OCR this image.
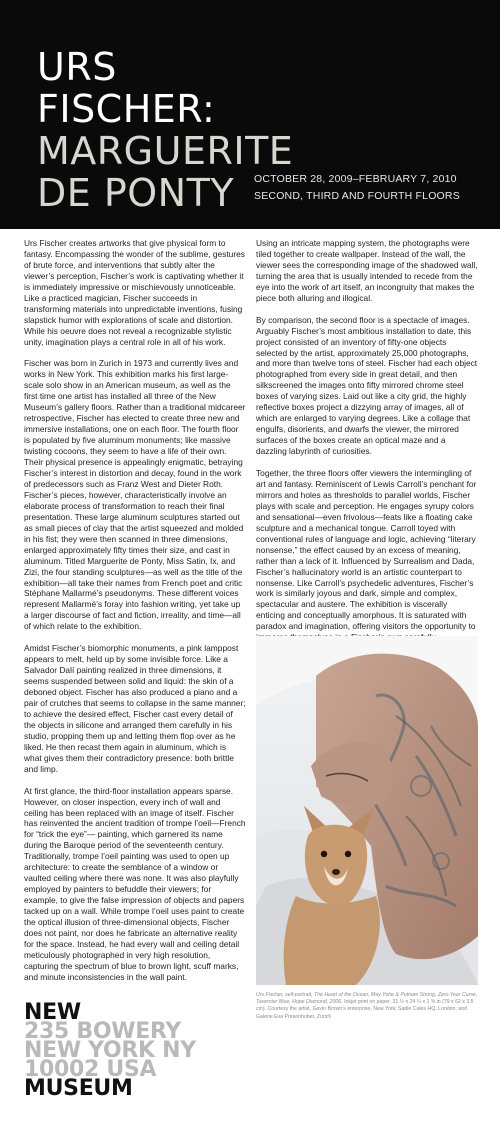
URS
FISCHER:
MARGUERITE
DE PONTY OCTOBER 28, 2009–FEBRUARY 7, 2010
SECOND, THIRD AND FOURTH FLOORS

Urs Fischer creates artworks that give physical form to fantasy. Encompassing the wonder of the sublime, gestures of brute force, and interventions that subtly alter the viewer’s perception, Fischer’s work is captivating whether it is immediately impressive or mischievously unnoticeable. Like a practiced magician, Fischer succeeds in transforming materials into unpredictable inventions, fusing slapstick humor with explorations of scale and distortion. While his oeuvre does not reveal a recognizable stylistic unity, imagination plays a central role in all of his work.

Fischer was born in Zurich in 1973 and currently lives and works in New York. This exhibition marks his first large-scale solo show in an American museum, as well as the first time one artist has installed all three of the New Museum’s gallery floors. Rather than a traditional midcareer retrospective, Fischer has elected to create three new and immersive installations, one on each floor. The fourth floor is populated by five aluminum monuments; like massive twisting cocoons, they seem to have a life of their own. Their physical presence is appealingly enigmatic, betraying Fischer’s interest in distortion and decay, found in the work of predecessors such as Franz West and Dieter Roth. Fischer’s pieces, however, characteristically involve an elaborate process of transformation to reach their final presentation. These large aluminum sculptures started out as small pieces of clay that the artist squeezed and molded in his fist; they were then scanned in three dimensions, enlarged approximately fifty times their size, and cast in aluminum. Titled Marguerite de Ponty, Miss Satin, Ix, and Zizi, the four standing sculptures—as well as the title of the exhibition—all take their names from French poet and critic Stéphane Mallarmé’s pseudonyms. These different voices represent Mallarmé’s foray into fashion writing, yet take up a larger discourse of fact and fiction, irreality, and time—all of which relate to the exhibition.

Amidst Fischer’s biomorphic monuments, a pink lamppost appears to melt, held up by some invisible force. Like a Salvador Dalí painting realized in three dimensions, it seems suspended between solid and liquid: the skin of a deboned object. Fischer has also produced a piano and a pair of crutches that seems to collapse in the same manner; to achieve the desired effect, Fischer cast every detail of the objects in silicone and arranged them carefully in his studio, propping them up and letting them flop over as he liked. He then recast them again in aluminum, which is what gives them their contradictory presence: both brittle and limp.

At first glance, the third-floor installation appears sparse. However, on closer inspection, every inch of wall and ceiling has been replaced with an image of itself. Fischer has reinvented the ancient tradition of trompe l’oeil—French for “trick the eye”— painting, which garnered its name during the Baroque period of the seventeenth century. Traditionally, trompe l’oeil painting was used to open up architecture: to create the semblance of a window or vaulted ceiling where there was none. It was also playfully employed by painters to befuddle their viewers; for example, to give the false impression of objects and papers tacked up on a wall. While trompe l’oeil uses paint to create the optical illusion of three-dimensional objects, Fischer does not paint, nor does he fabricate an alternative reality for the space. Instead, he had every wall and ceiling detail meticulously photographed in very high resolution, capturing the spectrum of blue to brown light, scuff marks, and minute inconsistencies in the wall paint.

Using an intricate mapping system, the photographs were tiled together to create wallpaper. Instead of the wall, the viewer sees the corresponding image of the shadowed wall, turning the area that is usually intended to recede from the eye into the work of art itself, an incongruity that makes the piece both alluring and illogical.

By comparison, the second floor is a spectacle of images. Arguably Fischer’s most ambitious installation to date, this project consisted of an inventory of fifty-one objects selected by the artist, approximately 25,000 photographs, and more than twelve tons of steel. Fischer had each object photographed from every side in great detail, and then silkscreened the images onto fifty mirrored chrome steel boxes of varying sizes. Laid out like a city grid, the highly reflective boxes project a dizzying array of images, all of which are enlarged to varying degrees. Like a collage that engulfs, disorients, and dwarfs the viewer, the mirrored surfaces of the boxes create an optical maze and a dazzling labyrinth of curiosities.

Together, the three floors offer viewers the intermingling of art and fantasy. Reminiscent of Lewis Carroll’s penchant for mirrors and holes as thresholds to parallel worlds, Fischer plays with scale and perception. He engages syrupy colors and sensational—even frivolous—feats like a floating cake sculpture and a mechanical tongue. Carroll toyed with conventional rules of language and logic, achieving “literary nonsense,” the effect caused by an excess of meaning, rather than a lack of it. Influenced by Surrealism and Dada, Fischer’s hallucinatory world is an artistic counterpart to nonsense. Like Carroll’s psychedelic adventures, Fischer’s work is similarly joyous and dark, simple and complex, spectacular and austere. The exhibition is viscerally enticing and conceptually amorphous. It is saturated with paradox and imagination, offering visitors the opportunity to

Urs Fischer, self-portrait, The Heart of the Ocean, May Yohe & Putnam Strong, Zero Year Curse, Tavernier Blue, Hope Diamond, 2006. Inkjet print on paper, 31 ¼ x 24 ¼ x 1 ⅜ in (79 x 62 x 3.5 cm). Courtesy the artist, Gavin Brown’s enterprise, New York; Sadie Coles HQ, London; and Galerie Eva Presenhuber, Zurich
NEW
235 BOWERY
NEW YORK NY
10002 USA
MUSEUM
